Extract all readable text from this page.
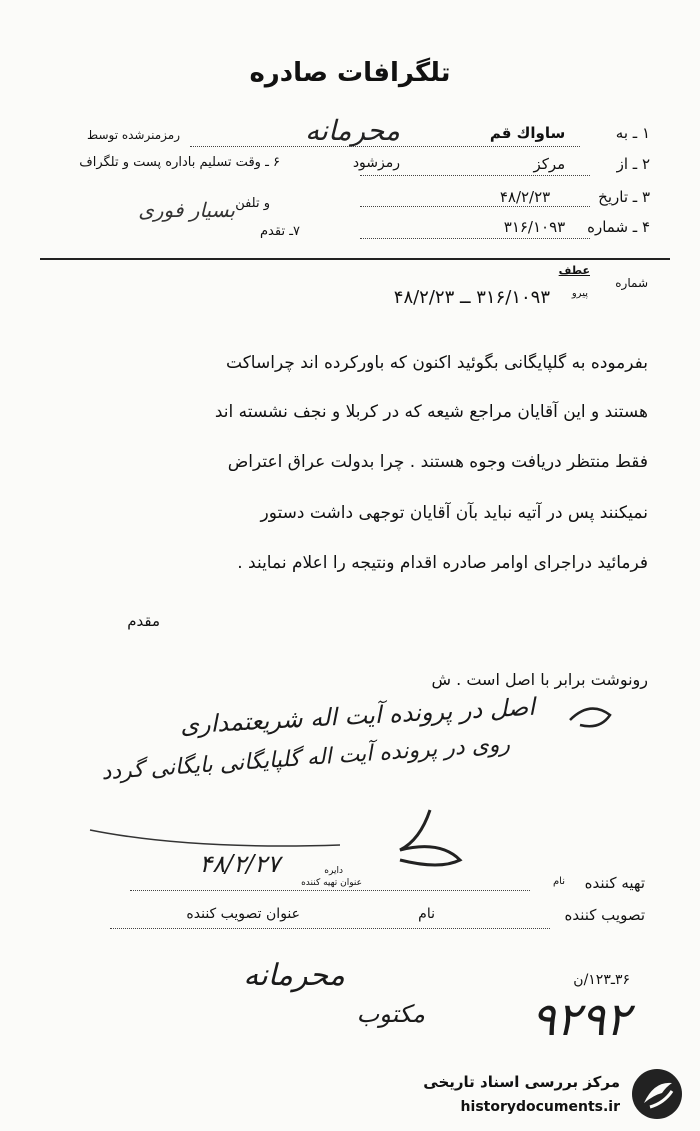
تلگرافات صادره
۱ ـ به ساواك قم
محرمانه
رمزمنرشده توسط
۲ ـ از مرکز
رمزشود
۶ ـ وقت تسلیم باداره پست و تلگراف
۳ ـ تاریخ ۴۸/۲/۲۳
و تلفن
۴ ـ شماره ۳۱۶/۱۰۹۳
۷ـ تقدم
بسیار فوری
شماره
عطف
پیرو
۳۱۶/۱۰۹۳ ــ ۴۸/۲/۲۳
بفرموده به گلپایگانی بگوئید اکنون که باورکرده اند چراساکت
هستند و این آقایان مراجع شیعه که در کربلا و نجف نشسته اند
فقط منتظر دریافت وجوه هستند . چرا بدولت عراق اعتراض
نمیکنند پس در آتیه نباید بآن آقایان توجهی داشت دستور
فرمائید دراجرای اوامر صادره اقدام ونتیجه را اعلام نمایند .
مقدم
رونوشت برابر با اصل است . ش
اصل در پرونده آیت اله شریعتمداری
روی در پرونده آیت اله گلپایگانی بایگانی گردد
۴۸/۲/۲۷	دایره
تهیه کننده
نام
عنوان تهیه کننده
تصویب کننده
نام
عنوان تصویب کننده
۳۶ـ۱۲۳/ن
محرمانه
مکتوب ۹۲۹۲
مرکز بررسی اسناد تاریخی
historydocuments.ir
